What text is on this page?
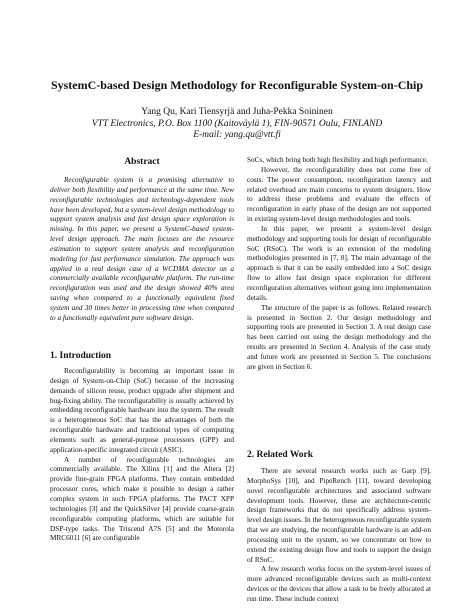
SystemC-based Design Methodology for Reconfigurable System-on-Chip
Yang Qu, Kari Tiensyrjä and Juha-Pekka Soininen
VTT Electronics, P.O. Box 1100 (Kaitoväylä 1), FIN-90571 Oulu, FINLAND
E-mail: yang.qu@vtt.fi
Abstract

Reconfigurable system is a promising alternative to deliver both flexibility and performance at the same time. New reconfigurable technologies and technology-dependent tools have been developed, but a system-level design methodology to support system analysis and fast design space exploration is missing. In this paper, we present a SystemC-based system-level design approach. The main focuses are the resource estimation to support system analysis and reconfiguration modeling for fast performance simulation. The approach was applied in a real design case of a WCDMA detector on a commercially available reconfigurable platform. The run-time reconfiguration was used and the design showed 40% area saving when compared to a functionally equivalent fixed system and 30 times better in processing time when compared to a functionally equivalent pure software design.

1. Introduction

Reconfigurability is becoming an important issue in design of System-on-Chip (SoC) because of the increasing demands of silicon reuse, product upgrade after shipment and bug-fixing ability. The reconfigurability is usually achieved by embedding reconfigurable hardware into the system. The result is a heterogeneous SoC that has the advantages of both the reconfigurable hardware and traditional types of computing elements such as general-purpose processors (GPP) and application-specific integrated circuit (ASIC).

A number of reconfigurable technologies are commercially available. The Xilinx [1] and the Altera [2] provide fine-grain FPGA platforms. They contain embedded processor cores, which make it possible to design a rather complex system in such FPGA platforms. The PACT XPP technologies [3] and the QuickSilver [4] provide coarse-grain reconfigurable computing platforms, which are suitable for DSP-type tasks. The Triscend A7S [5] and the Motorola MRC6011 [6] are configurable

SoCs, which bring both high flexibility and high performance.

However, the reconfigurability does not come free of costs. The power consumption, reconfiguration latency and related overhead are main concerns to system designers. How to address these problems and evaluate the effects of reconfiguration in early phase of the design are not supported in existing system-level design methodologies and tools.

In this paper, we present a system-level design methodology and supporting tools for design of reconfigurable SoC (RSoC). The work is an extension of the modeling methodologies presented in [7, 8]. The main advantage of the approach is that it can be easily embedded into a SoC design flow to allow fast design space exploration for different reconfiguration alternatives without going into implementation details.

The structure of the paper is as follows. Related research is presented in Section 2. Our design methodology and supporting tools are presented in Section 3. A real design case has been carried out using the design methodology and the results are presented in Section 4. Analysis of the case study and future work are presented in Section 5. The conclusions are given in Section 6.

2. Related Work

There are several research works such as Garp [9], MorphoSys [10], and PipeRench [11], toward developing novel reconfigurable architectures and associated software development tools. However, these are architecture-centric design frameworks that do not specifically address system-level design issues. In the heterogeneous reconfigurable system that we are studying, the reconfigurable hardware is an add-on processing unit to the system, so we concentrate on how to extend the existing design flow and tools to support the design of RSoC.

A few research works focus on the system-level issues of more advanced reconfigurable devices such as multi-context devices or the devices that allow a task to be freely allocated at run time. These include context
